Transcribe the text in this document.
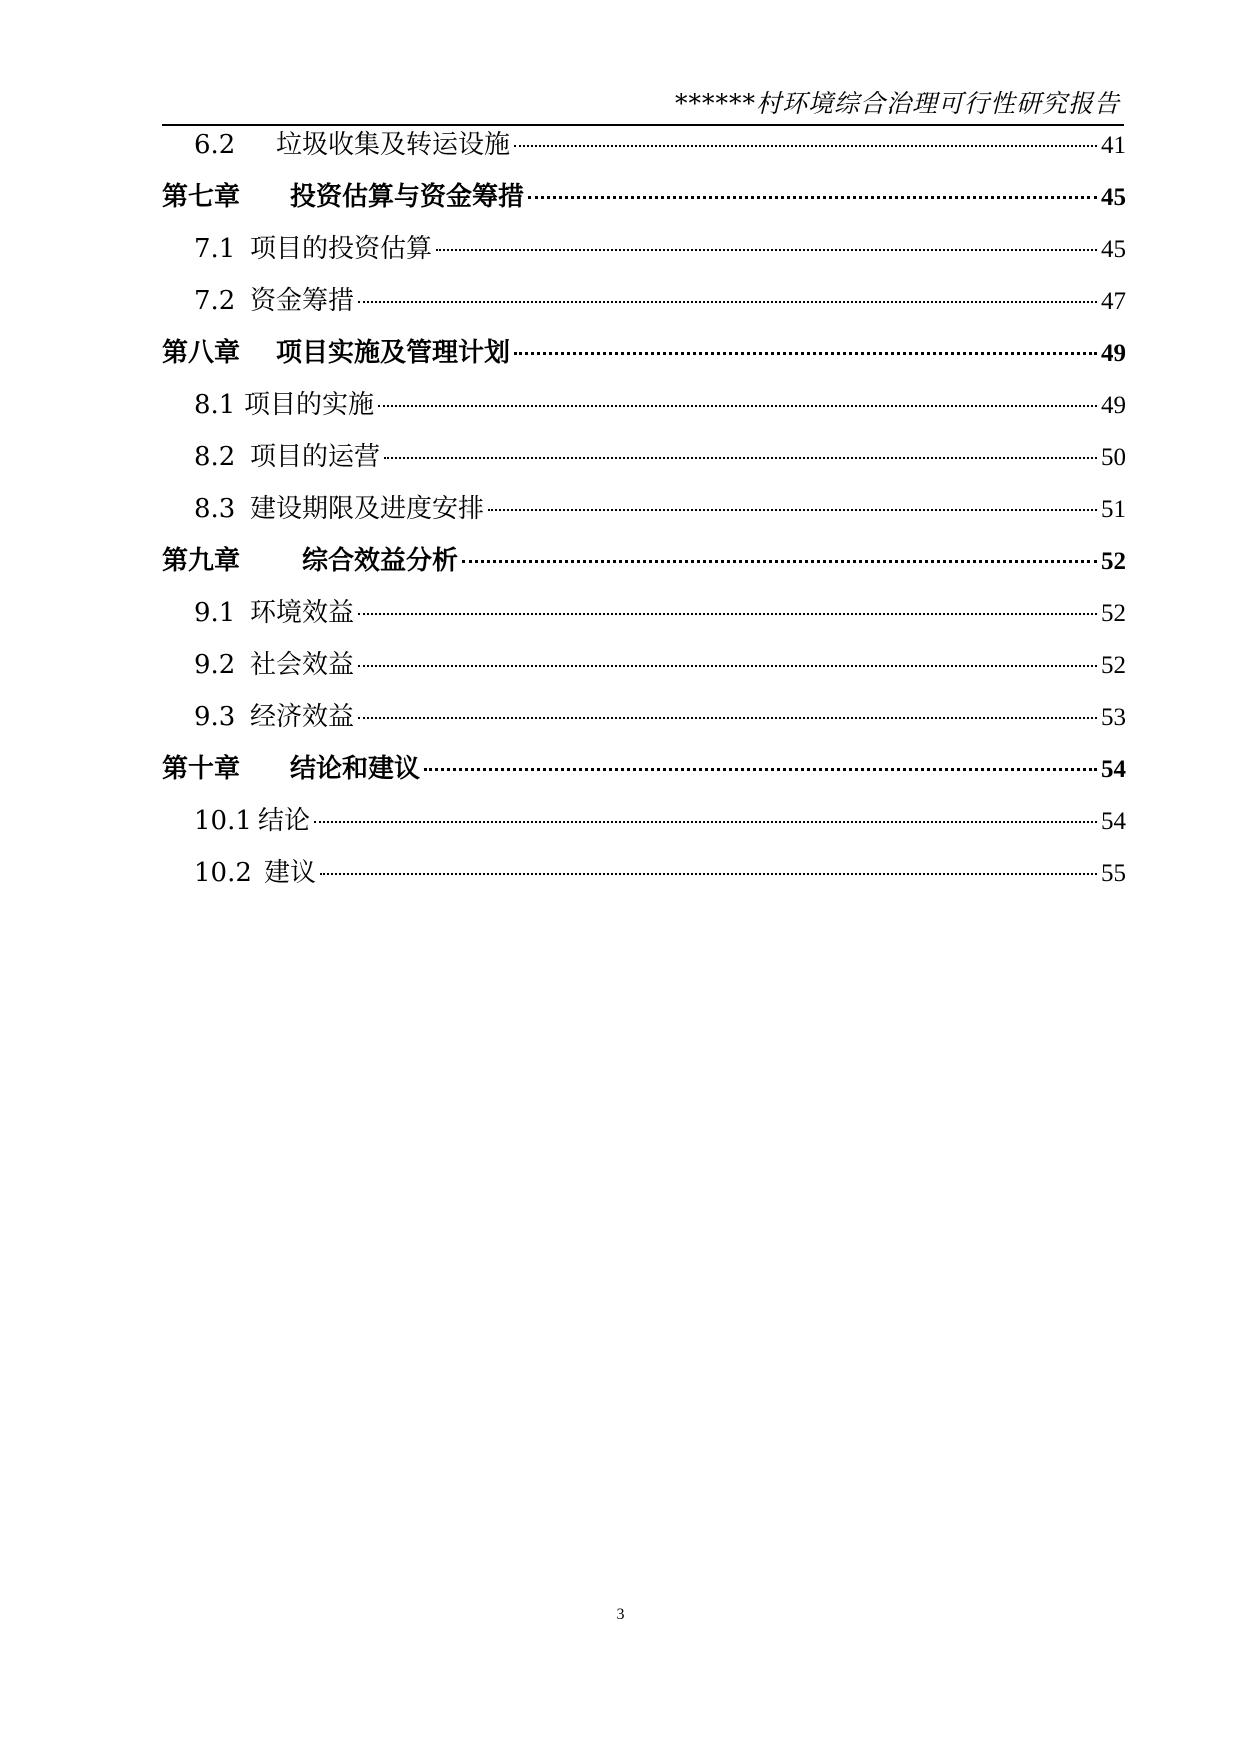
******村环境综合治理可行性研究报告
6.2	垃圾收集及转运设施	41
第七章	投资估算与资金筹措	45
7.1 项目的投资估算	45
7.2 资金筹措	47
第八章	项目实施及管理计划	49
8.1 项目的实施	49
8.2 项目的运营	50
8.3 建设期限及进度安排	51
第九章	综合效益分析	52
9.1 环境效益	52
9.2 社会效益	52
9.3 经济效益	53
第十章	结论和建议	54
10.1 结论	54
10.2 建议	55
3
